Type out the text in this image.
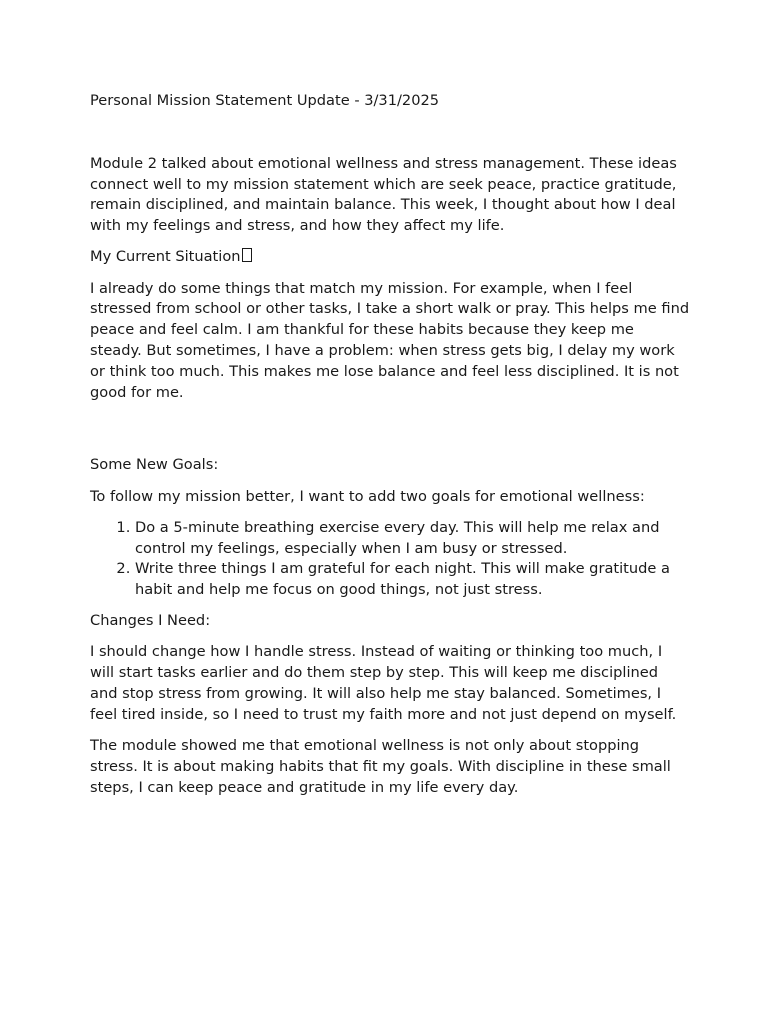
Personal Mission Statement Update - 3/31/2025

Module 2 talked about emotional wellness and stress management. These ideas connect well to my mission statement which are seek peace, practice gratitude, remain disciplined, and maintain balance. This week, I thought about how I deal with my feelings and stress, and how they affect my life.

My Current Situation

I already do some things that match my mission. For example, when I feel stressed from school or other tasks, I take a short walk or pray. This helps me find peace and feel calm. I am thankful for these habits because they keep me steady. But sometimes, I have a problem: when stress gets big, I delay my work or think too much. This makes me lose balance and feel less disciplined. It is not good for me.

Some New Goals:

To follow my mission better, I want to add two goals for emotional wellness:

1. Do a 5-minute breathing exercise every day. This will help me relax and control my feelings, especially when I am busy or stressed.
2. Write three things I am grateful for each night. This will make gratitude a habit and help me focus on good things, not just stress.
Changes I Need:

I should change how I handle stress. Instead of waiting or thinking too much, I will start tasks earlier and do them step by step. This will keep me disciplined and stop stress from growing. It will also help me stay balanced. Sometimes, I feel tired inside, so I need to trust my faith more and not just depend on myself.

The module showed me that emotional wellness is not only about stopping stress. It is about making habits that fit my goals. With discipline in these small steps, I can keep peace and gratitude in my life every day.
